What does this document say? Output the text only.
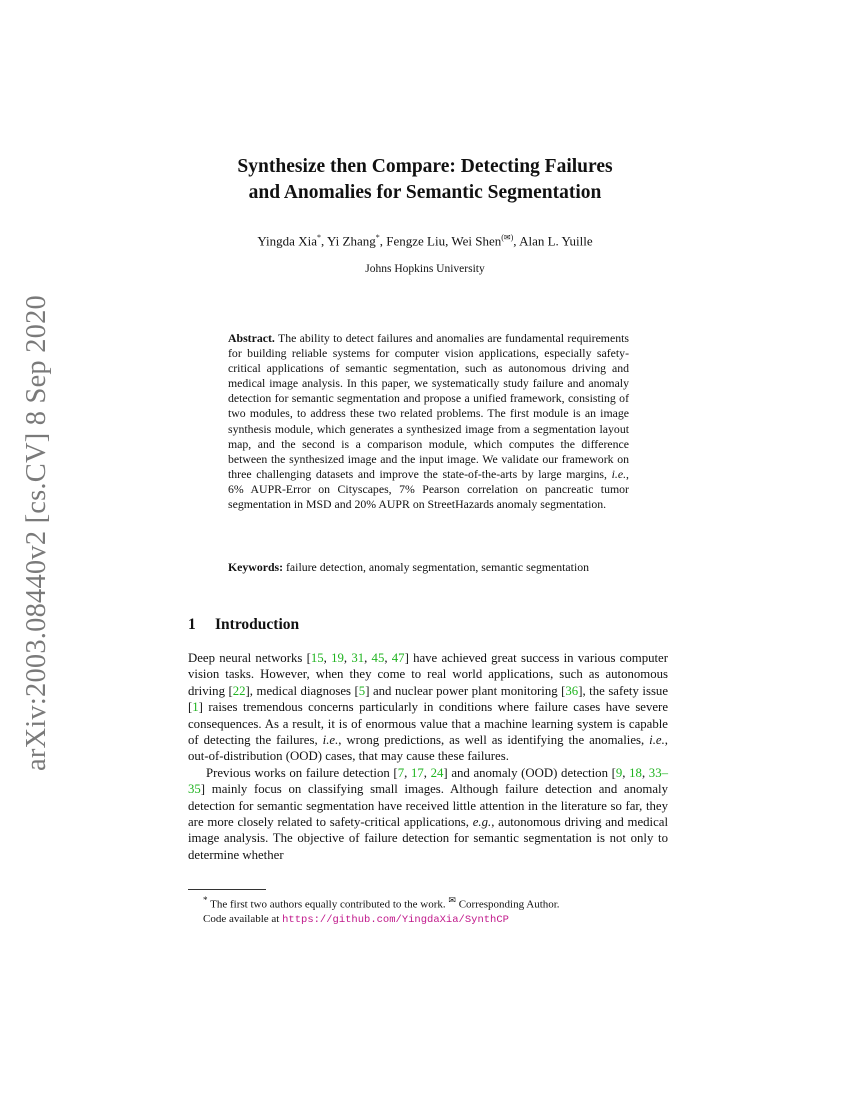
arXiv:2003.08440v2 [cs.CV] 8 Sep 2020
Synthesize then Compare: Detecting Failures
and Anomalies for Semantic Segmentation
Yingda Xia*, Yi Zhang*, Fengze Liu, Wei Shen(✉), Alan L. Yuille
Johns Hopkins University
Abstract. The ability to detect failures and anomalies are fundamental requirements for building reliable systems for computer vision applications, especially safety-critical applications of semantic segmentation, such as autonomous driving and medical image analysis. In this paper, we systematically study failure and anomaly detection for semantic segmentation and propose a unified framework, consisting of two modules, to address these two related problems. The first module is an image synthesis module, which generates a synthesized image from a segmentation layout map, and the second is a comparison module, which computes the difference between the synthesized image and the input image. We validate our framework on three challenging datasets and improve the state-of-the-arts by large margins, i.e., 6% AUPR-Error on Cityscapes, 7% Pearson correlation on pancreatic tumor segmentation in MSD and 20% AUPR on StreetHazards anomaly segmentation.
Keywords: failure detection, anomaly segmentation, semantic segmentation
1 Introduction

Deep neural networks [15, 19, 31, 45, 47] have achieved great success in various computer vision tasks. However, when they come to real world applications, such as autonomous driving [22], medical diagnoses [5] and nuclear power plant monitoring [36], the safety issue [1] raises tremendous concerns particularly in conditions where failure cases have severe consequences. As a result, it is of enormous value that a machine learning system is capable of detecting the failures, i.e., wrong predictions, as well as identifying the anomalies, i.e., out-of-distribution (OOD) cases, that may cause these failures.

Previous works on failure detection [7, 17, 24] and anomaly (OOD) detection [9, 18, 33–35] mainly focus on classifying small images. Although failure detection and anomaly detection for semantic segmentation have received little attention in the literature so far, they are more closely related to safety-critical applications, e.g., autonomous driving and medical image analysis. The objective of failure detection for semantic segmentation is not only to determine whether

* The first two authors equally contributed to the work. ✉ Corresponding Author.
Code available at https://github.com/YingdaXia/SynthCP
